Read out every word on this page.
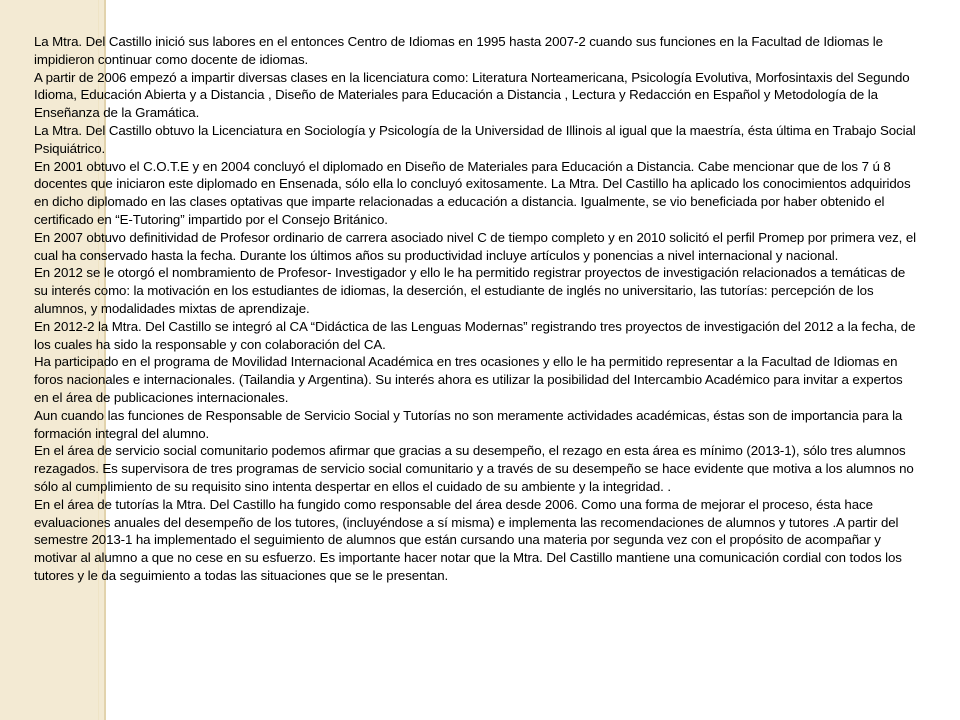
La Mtra. Del Castillo inició sus labores en el entonces Centro de Idiomas en 1995 hasta 2007-2 cuando sus funciones en la Facultad de Idiomas le impidieron continuar como docente de idiomas.

A partir de 2006 empezó a impartir diversas clases en la licenciatura como: Literatura Norteamericana, Psicología Evolutiva, Morfosintaxis del Segundo Idioma, Educación Abierta y a Distancia , Diseño de Materiales para Educación a Distancia , Lectura y Redacción en Español y Metodología de la Enseñanza de la Gramática.

La Mtra. Del Castillo obtuvo la Licenciatura en Sociología y Psicología de la Universidad de Illinois al igual que la maestría, ésta última en Trabajo Social Psiquiátrico.

En 2001 obtuvo el C.O.T.E y en 2004 concluyó el diplomado en Diseño de Materiales para Educación a Distancia. Cabe mencionar que de los 7 ú 8 docentes que iniciaron este diplomado en Ensenada, sólo ella lo concluyó exitosamente. La Mtra. Del Castillo ha aplicado los conocimientos adquiridos en dicho diplomado en las clases optativas que imparte relacionadas a educación a distancia. Igualmente, se vio beneficiada por haber obtenido el certificado en “E-Tutoring” impartido por el Consejo Británico.

En 2007 obtuvo definitividad de Profesor ordinario de carrera asociado nivel C de tiempo completo y en 2010 solicitó el perfil Promep por primera vez, el cual ha conservado hasta la fecha. Durante los últimos años su productividad incluye artículos y ponencias a nivel internacional y nacional.

En 2012 se le otorgó el nombramiento de Profesor- Investigador y ello le ha permitido registrar proyectos de investigación relacionados a temáticas de su interés como: la motivación en los estudiantes de idiomas, la deserción, el estudiante de inglés no universitario, las tutorías: percepción de los alumnos, y modalidades mixtas de aprendizaje.

En 2012-2 la Mtra. Del Castillo se integró al CA “Didáctica de las Lenguas Modernas” registrando tres proyectos de investigación del 2012 a la fecha, de los cuales ha sido la responsable y con colaboración del CA.

Ha participado en el programa de Movilidad Internacional Académica en tres ocasiones y ello le ha permitido representar a la Facultad de Idiomas en foros nacionales e internacionales. (Tailandia y Argentina). Su interés ahora es utilizar la posibilidad del Intercambio Académico para invitar a expertos en el área de publicaciones internacionales.

Aun cuando las funciones de Responsable de Servicio Social y Tutorías no son meramente actividades académicas, éstas son de importancia para la formación integral del alumno.

En el área de servicio social comunitario podemos afirmar que gracias a su desempeño, el rezago en esta área es mínimo (2013-1), sólo tres alumnos rezagados. Es supervisora de tres programas de servicio social comunitario y a través de su desempeño se hace evidente que motiva a los alumnos no sólo al cumplimiento de su requisito sino intenta despertar en ellos el cuidado de su ambiente y la integridad. .

En el área de tutorías la Mtra. Del Castillo ha fungido como responsable del área desde 2006. Como una forma de mejorar el proceso, ésta hace evaluaciones anuales del desempeño de los tutores, (incluyéndose a sí misma) e implementa las recomendaciones de alumnos y tutores .A partir del semestre 2013-1 ha implementado el seguimiento de alumnos que están cursando una materia por segunda vez con el propósito de acompañar y motivar al alumno a que no cese en su esfuerzo. Es importante hacer notar que la Mtra. Del Castillo mantiene una comunicación cordial con todos los tutores y le da seguimiento a todas las situaciones que se le presentan.
